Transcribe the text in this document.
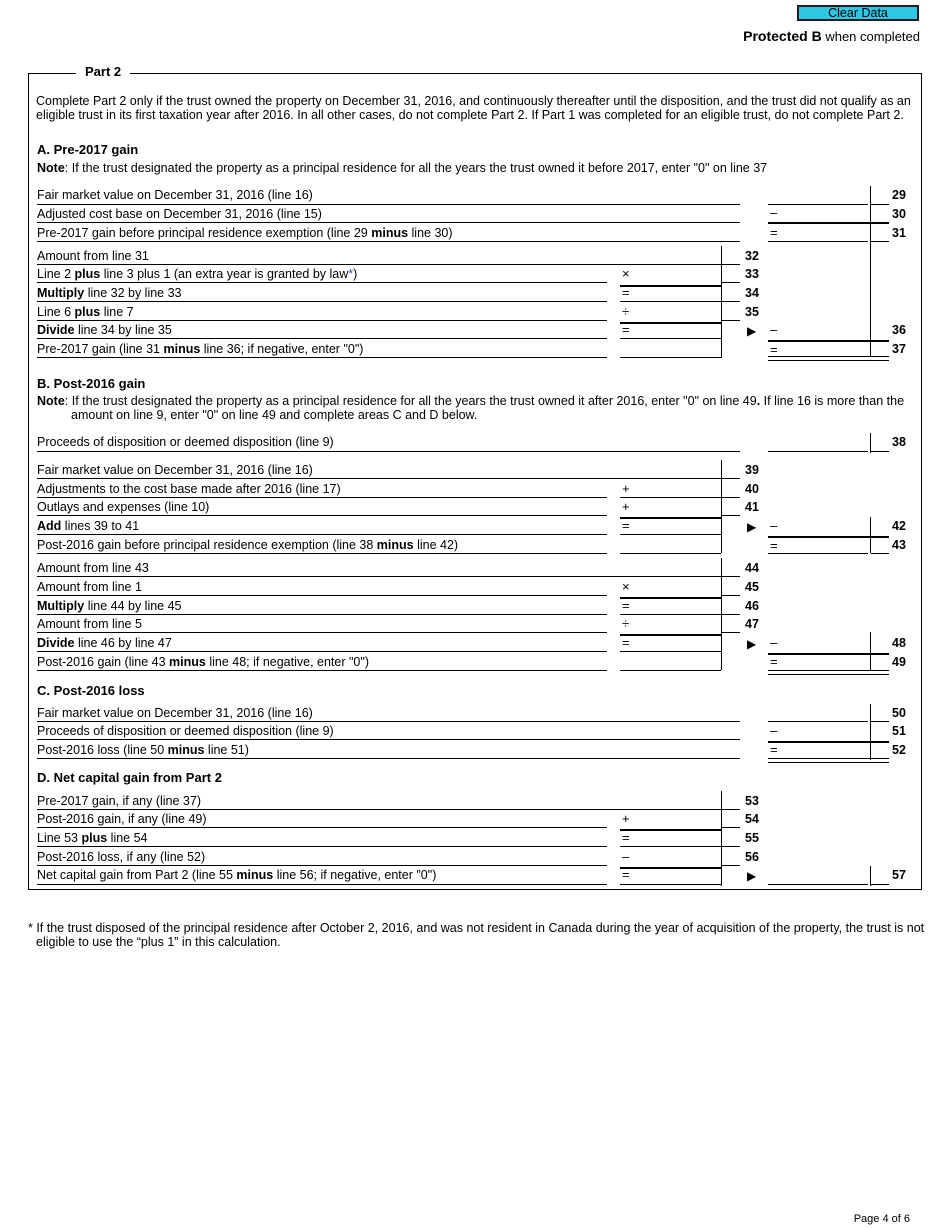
Clear Data
Protected B when completed
Part 2
Complete Part 2 only if the trust owned the property on December 31, 2016, and continuously thereafter until the disposition, and the trust did not qualify as an eligible trust in its first taxation year after 2016. In all other cases, do not complete Part 2. If Part 1 was completed for an eligible trust, do not complete Part 2.
A. Pre-2017 gain
Note: If the trust designated the property as a principal residence for all the years the trust owned it before 2017, enter "0" on line 37
Fair market value on December 31, 2016 (line 16)	29
Adjusted cost base on December 31, 2016 (line 15)	–	30
Pre-2017 gain before principal residence exemption (line 29 minus line 30)	=	31
Amount from line 31	32
Line 2 plus line 3 plus 1 (an extra year is granted by law*)	×	33
Multiply line 32 by line 33	=	34
Line 6 plus line 7	÷	35
Divide line 34 by line 35	=	▶ –	36
Pre-2017 gain (line 31 minus line 36; if negative, enter "0")	=	37
B. Post-2016 gain
Note: If the trust designated the property as a principal residence for all the years the trust owned it after 2016, enter "0" on line 49. If line 16 is more than the
amount on line 9, enter "0" on line 49 and complete areas C and D below.
Proceeds of disposition or deemed disposition (line 9)	38
Fair market value on December 31, 2016 (line 16)	39
Adjustments to the cost base made after 2016 (line 17)	+	40
Outlays and expenses (line 10)	+	41
Add lines 39 to 41	=	▶ –	42
Post-2016 gain before principal residence exemption (line 38 minus line 42)	=	43
Amount from line 43	44
Amount from line 1	×	45
Multiply line 44 by line 45	=	46
Amount from line 5	÷	47
Divide line 46 by line 47	=	▶ –	48
Post-2016 gain (line 43 minus line 48; if negative, enter "0")	=	49
C. Post-2016 loss
Fair market value on December 31, 2016 (line 16)	50
Proceeds of disposition or deemed disposition (line 9)	–	51
Post-2016 loss (line 50 minus line 51)	=	52
D. Net capital gain from Part 2
Pre-2017 gain, if any (line 37)	53
Post-2016 gain, if any (line 49)	+	54
Line 53 plus line 54	=	55
Post-2016 loss, if any (line 52)	–	56
Net capital gain from Part 2 (line 55 minus line 56; if negative, enter "0")	=	▶	57
* If the trust disposed of the principal residence after October 2, 2016, and was not resident in Canada during the year of acquisition of the property, the trust is not eligible to use the “plus 1” in this calculation.
Page 4 of 6
